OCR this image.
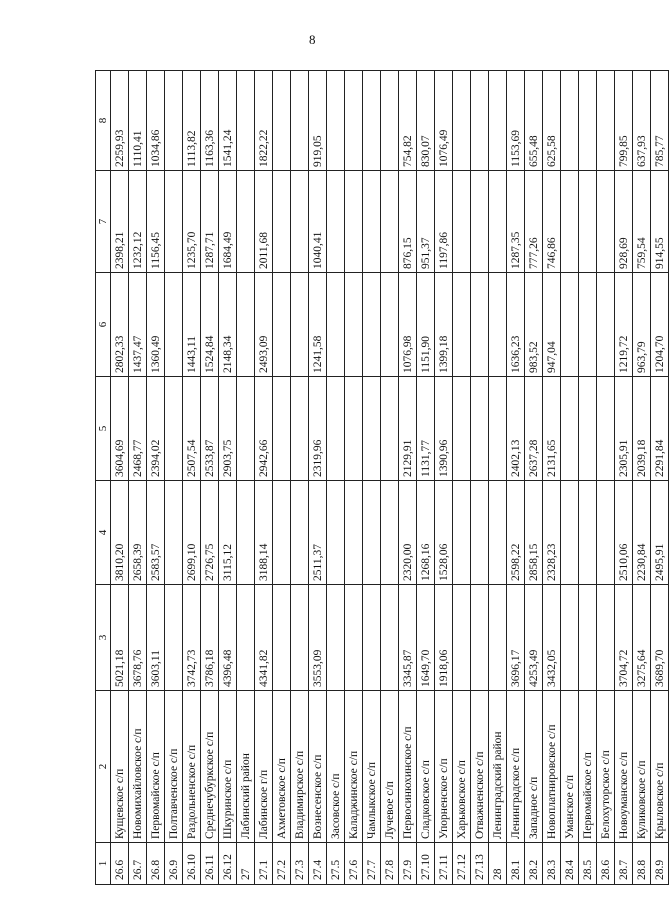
8
1	2	3	4	5	6	7	8
26.6	Кущевское с/п	5021,18	3810,20	3604,69	2802,33	2398,21	2259,93
26.7	Новомихайловское с/п	3678,76	2658,39	2468,77	1437,47	1232,12	1110,41
26.8	Первомайское с/п	3603,11	2583,57	2394,02	1360,49	1156,45	1034,86
26.9	Полтавченское с/п						
26.10	Раздольненское с/п	3742,73	2699,10	2507,54	1443,11	1235,70	1113,82
26.11	Среднечубуркское с/п	3786,18	2726,75	2533,87	1524,84	1287,71	1163,36
26.12	Шкуринское с/п	4396,48	3115,12	2903,75	2148,34	1684,49	1541,24
27	Лабинский район						
27.1	Лабинское г/п	4341,82	3188,14	2942,66	2493,09	2011,68	1822,22
27.2	Ахметовское с/п						
27.3	Владимирское с/п						
27.4	Вознесенское с/п	3553,09	2511,37	2319,96	1241,58	1040,41	919,05
27.5	Засовское с/п						
27.6	Каладжинское с/п						
27.7	Чамлыкское с/п						
27.8	Лучевое с/п						
27.9	Первосинюхинское с/п	3345,87	2320,00	2129,91	1076,98	876,15	754,82
27.10	Сладковское с/п	1649,70	1268,16	1131,77	1151,90	951,37	830,07
27.11	Упорненское с/п	1918,06	1528,06	1390,96	1399,18	1197,86	1076,49
27.12	Харьковское с/п						
27.13	Отважненское с/п						
28	Ленинградский район						
28.1	Ленинградское с/п	3696,17	2598,22	2402,13	1636,23	1287,35	1153,69
28.2	Западное с/п	4253,49	2858,15	2637,28	983,52	777,26	655,48
28.3	Новоплатнировское с/п	3432,05	2328,23	2131,65	947,04	746,86	625,58
28.4	Уманское с/п						
28.5	Первомайское с/п						
28.6	Белохуторское с/п						
28.7	Новоуманское с/п	3704,72	2510,06	2305,91	1219,72	928,69	799,85
28.8	Куликовское с/п	3275,64	2230,84	2039,18	963,79	759,54	637,93
28.9	Крыловское с/п	3689,70	2495,91	2291,84	1204,70	914,55	785,77
